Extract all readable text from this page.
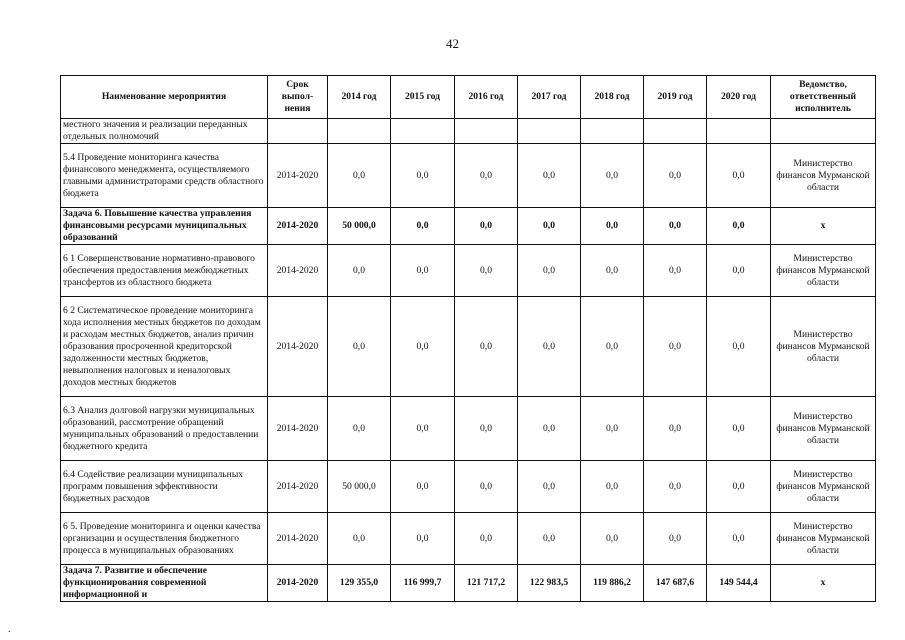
42
Наименование мероприятия	Срок выпол-нения	2014 год	2015 год	2016 год	2017 год	2018 год	2019 год	2020 год	Ведомство, ответственный исполнитель
местного значения и реализации переданных отдельных полномочий									
5.4 Проведение мониторинга качества финансового менеджмента, осуществляемого главными администраторами средств областного бюджета	2014-2020	0,0	0,0	0,0	0,0	0,0	0,0	0,0	Министерство финансов Мурманской области
Задача 6. Повышение качества управления финансовыми ресурсами муниципальных образований	2014-2020	50 000,0	0,0	0,0	0,0	0,0	0,0	0,0	х
6 1 Совершенствование нормативно-правового обеспечения предоставления межбюджетных трансфертов из областного бюджета	2014-2020	0,0	0,0	0,0	0,0	0,0	0,0	0,0	Министерство финансов Мурманской области
6 2 Систематическое проведение мониторинга хода исполнения местных бюджетов по доходам и расходам местных бюджетов, анализ причин образования просроченной кредиторской задолженности местных бюджетов, невыполнения налоговых и неналоговых доходов местных бюджетов	2014-2020	0,0	0,0	0,0	0,0	0,0	0,0	0,0	Министерство финансов Мурманской области
6.3 Анализ долговой нагрузки муниципальных образований, рассмотрение обращений муниципальных образований о предоставлении бюджетного кредита	2014-2020	0,0	0,0	0,0	0,0	0,0	0,0	0,0	Министерство финансов Мурманской области
6.4 Содействие реализации муниципальных программ повышения эффективности бюджетных расходов	2014-2020	50 000,0	0,0	0,0	0,0	0,0	0,0	0,0	Министерство финансов Мурманской области
6 5. Проведение мониторинга и оценки качества организации и осуществления бюджетного процесса в муниципальных образованиях	2014-2020	0,0	0,0	0,0	0,0	0,0	0,0	0,0	Министерство финансов Мурманской области
Задача 7. Развитие и обеспечение функционирования современной информационной и	2014-2020	129 355,0	116 999,7	121 717,2	122 983,5	119 886,2	147 687,6	149 544,4	х
.
